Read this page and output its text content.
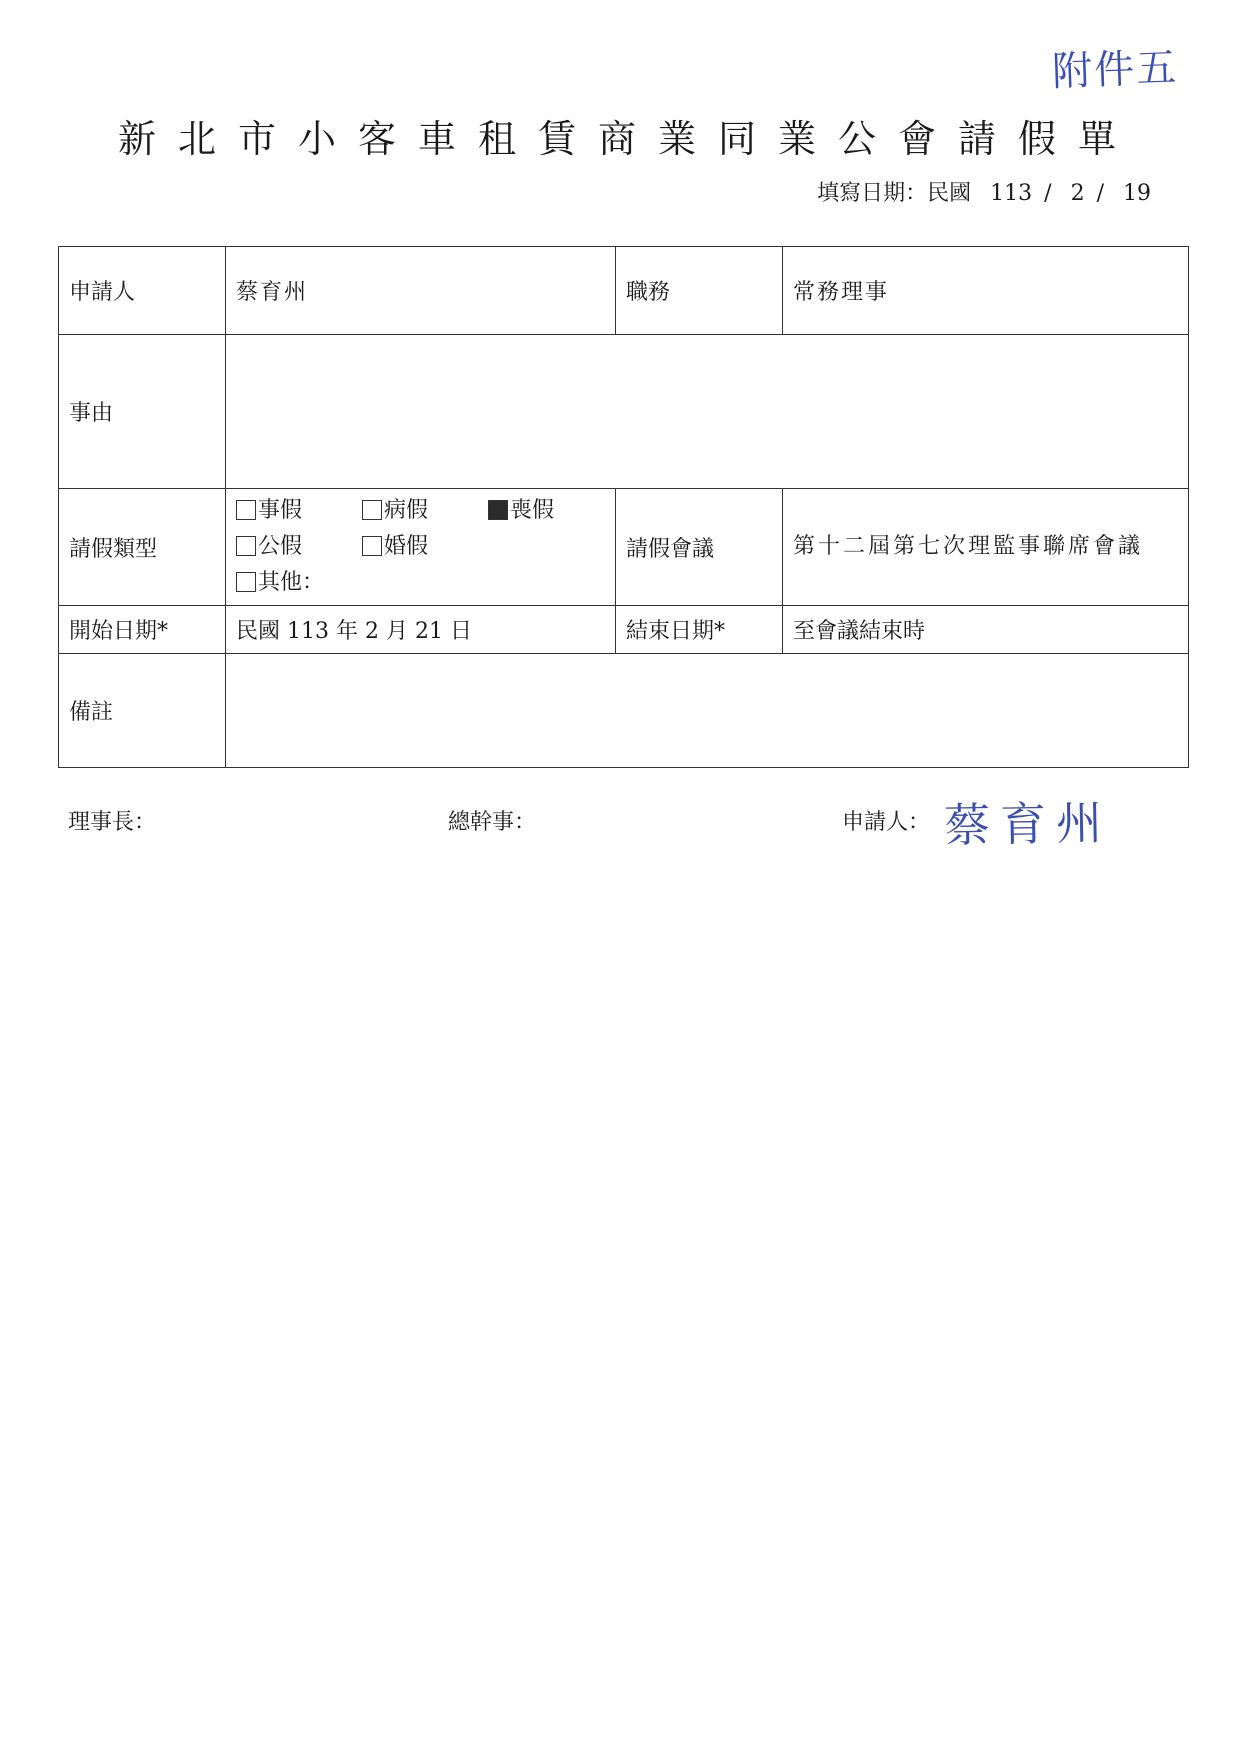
附件五
新北市小客車租賃商業同業公會請假單
填寫日期：民國 113 / 2 / 19
申請人	蔡育州	職務	常務理事
事由			
請假類型	事假 病假 喪假
公假 婚假
其他：	請假會議	第十二屆第七次理監事聯席會議
開始日期*	民國 113 年 2 月 21 日	結束日期*	至會議結束時
備註			
理事長：	總幹事：	申請人： 蔡育州
